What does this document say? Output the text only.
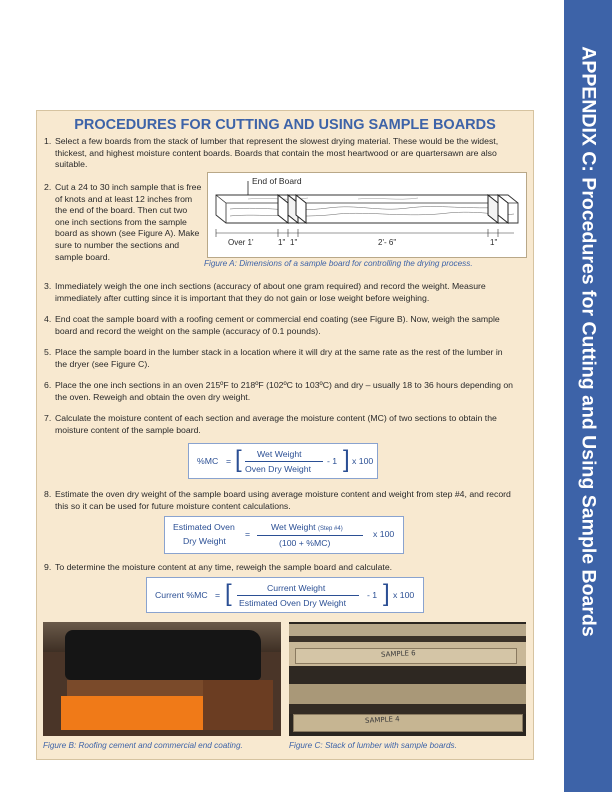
APPENDIX C: Procedures for Cutting and Using Sample Boards
PROCEDURES FOR CUTTING AND USING SAMPLE BOARDS
1. Select a few boards from the stack of lumber that represent the slowest drying material. These would be the widest, thickest, and highest moisture content boards. Boards that contain the most heartwood or are quartersawn are also suitable.
2. Cut a 24 to 30 inch sample that is free of knots and at least 12 inches from the end of the board. Then cut two one inch sections from the sample board as shown (see Figure A). Make sure to number the sections and sample board.
3. Immediately weigh the one inch sections (accuracy of about one gram required) and record the weight. Measure immediately after cutting since it is important that they do not gain or lose weight before weighing.
4. End coat the sample board with a roofing cement or commercial end coating (see Figure B). Now, weigh the sample board and record the weight on the sample (accuracy of 0.1 pounds).
5. Place the sample board in the lumber stack in a location where it will dry at the same rate as the rest of the lumber in the dryer (see Figure C).
6. Place the one inch sections in an oven 215ºF to 218ºF (102ºC to 103ºC) and dry – usually 18 to 36 hours depending on the oven. Reweigh and obtain the oven dry weight.
7. Calculate the moisture content of each section and average the moisture content (MC) of two sections to obtain the moisture content of the sample board.
8. Estimate the oven dry weight of the sample board using average moisture content and weight from step #4, and record this so it can be used for future moisture content calculations.
9. To determine the moisture content at any time, reweigh the sample board and calculate.
End of Board
Over 1'	1" 1"	2'- 6"	1"
Figure A: Dimensions of a sample board for controlling the drying process.
%MC = [ Wet Weight
Oven Dry Weight
- 1 ] x 100
Estimated Oven
Dry Weight
=
Wet Weight (Step #4)
(100 + %MC)
x 100
Current %MC = [	Current Weight
Estimated Oven Dry Weight
- 1 ] x 100
Figure B: Roofing cement and commercial end coating.
SAMPLE 6
SAMPLE 4
Figure C: Stack of lumber with sample boards.
